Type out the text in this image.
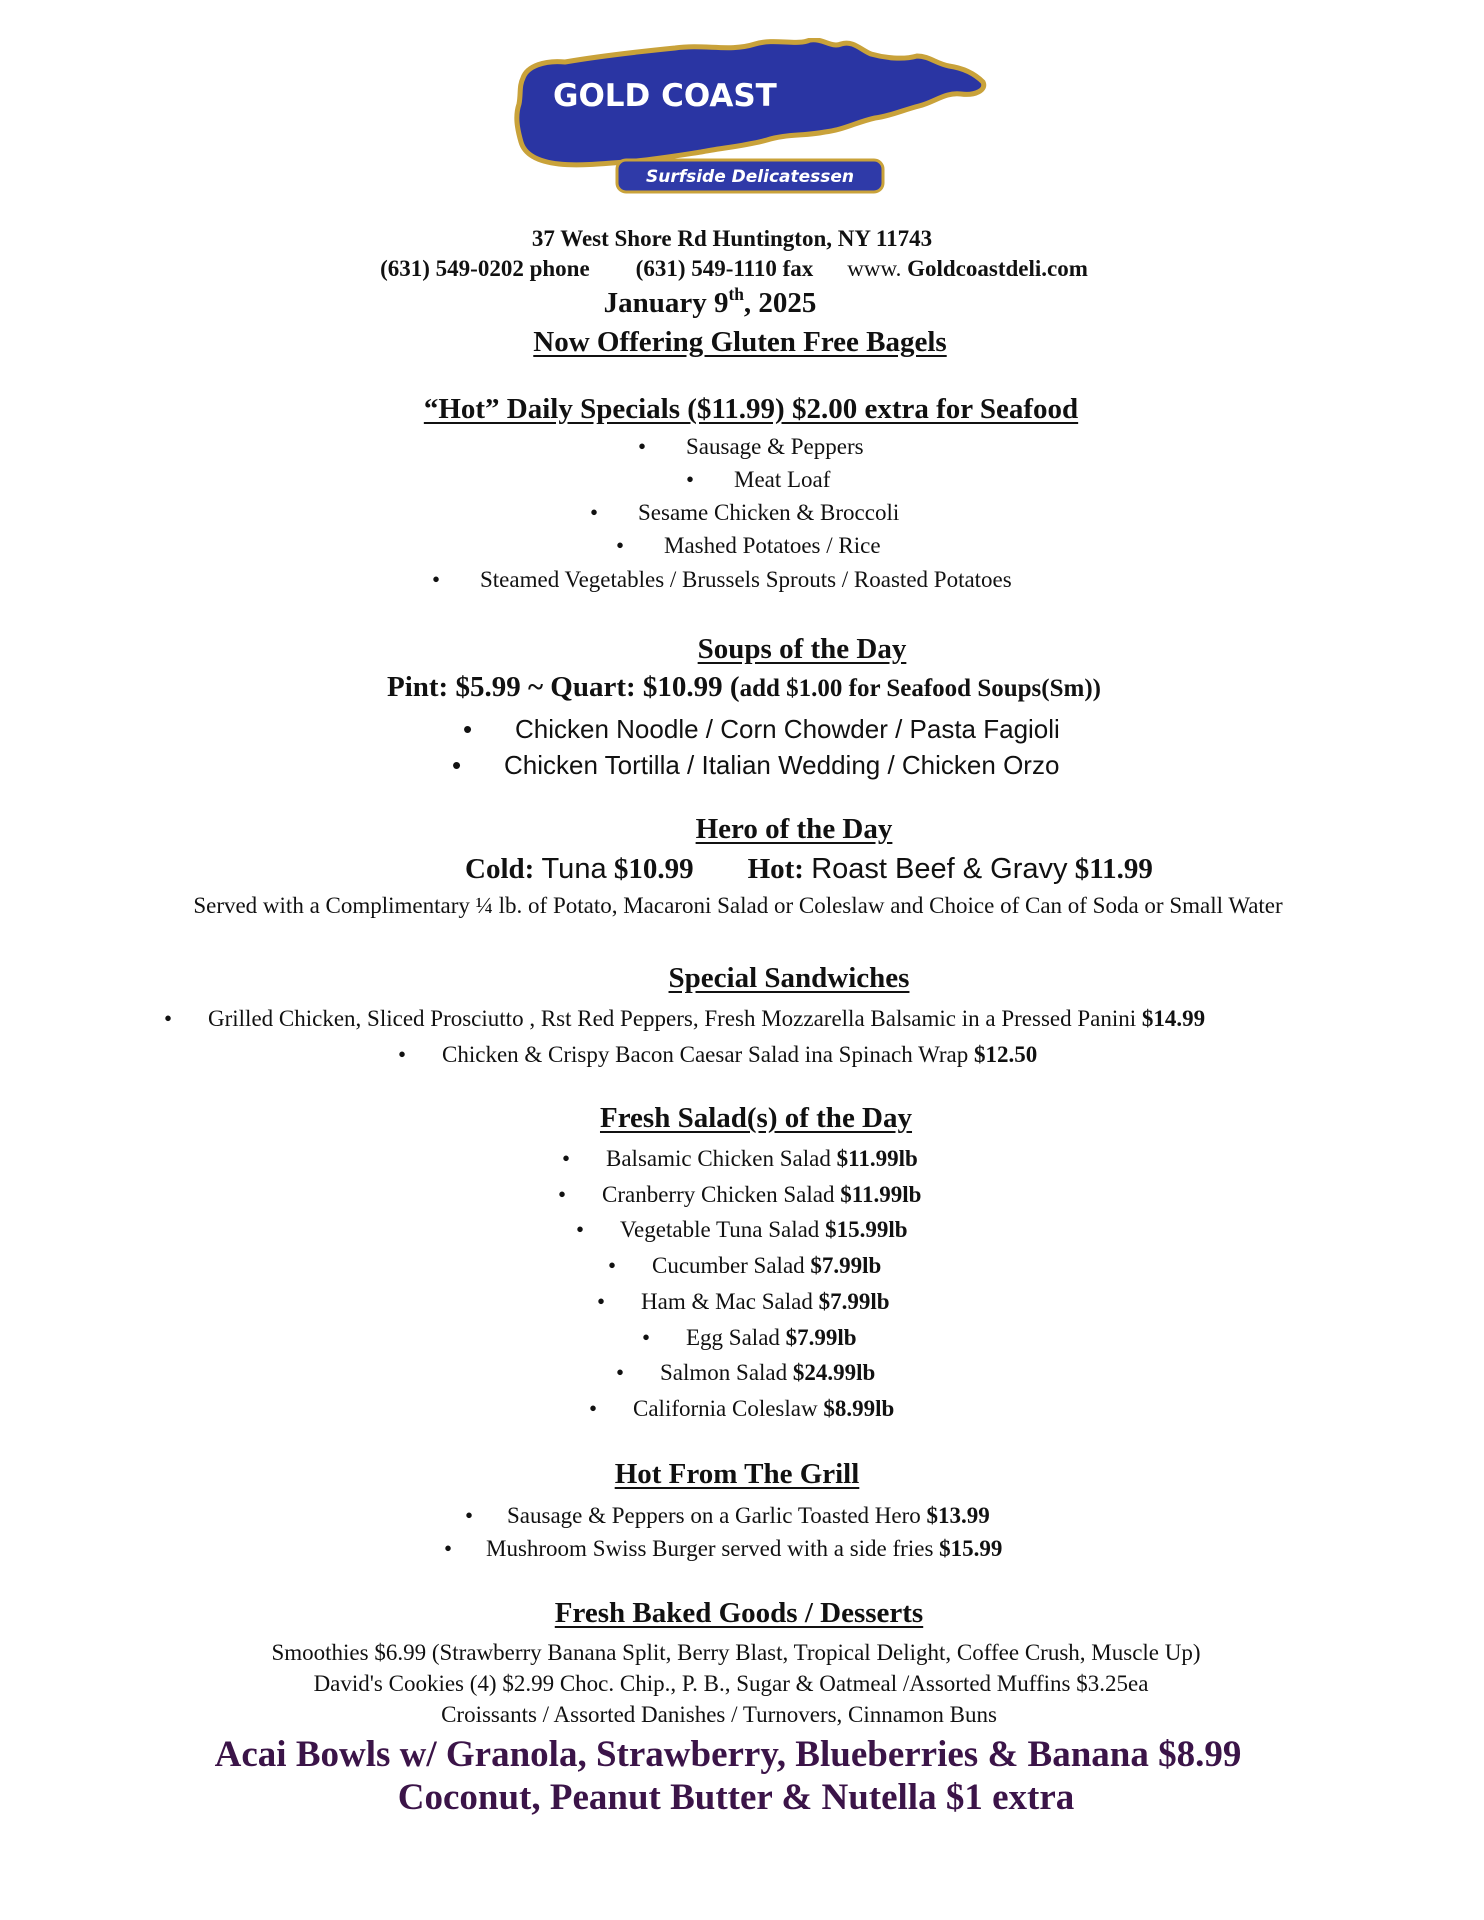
GOLD COAST
Surfside Delicatessen
37 West Shore Rd Huntington, NY 11743
(631) 549-0202 phone (631) 549-1110 fax www. Goldcoastdeli.com
January 9th, 2025
Now Offering Gluten Free Bagels
“Hot” Daily Specials ($11.99) $2.00 extra for Seafood
• Sausage & Peppers
• Meat Loaf
• Sesame Chicken & Broccoli
• Mashed Potatoes / Rice
• Steamed Vegetables / Brussels Sprouts / Roasted Potatoes
Soups of the Day
Pint: $5.99 ~ Quart: $10.99 (add $1.00 for Seafood Soups(Sm))
• Chicken Noodle / Corn Chowder / Pasta Fagioli
• Chicken Tortilla / Italian Wedding / Chicken Orzo
Hero of the Day
Cold: Tuna $10.99 Hot: Roast Beef & Gravy $11.99
Served with a Complimentary ¼ lb. of Potato, Macaroni Salad or Coleslaw and Choice of Can of Soda or Small Water
Special Sandwiches
• Grilled Chicken, Sliced Prosciutto , Rst Red Peppers, Fresh Mozzarella Balsamic in a Pressed Panini $14.99
• Chicken & Crispy Bacon Caesar Salad ina Spinach Wrap $12.50
Fresh Salad(s) of the Day
• Balsamic Chicken Salad $11.99lb
• Cranberry Chicken Salad $11.99lb
• Vegetable Tuna Salad $15.99lb
• Cucumber Salad $7.99lb
• Ham & Mac Salad $7.99lb
• Egg Salad $7.99lb
• Salmon Salad $24.99lb
• California Coleslaw $8.99lb
Hot From The Grill
• Sausage & Peppers on a Garlic Toasted Hero $13.99
• Mushroom Swiss Burger served with a side fries $15.99
Fresh Baked Goods / Desserts
Smoothies $6.99 (Strawberry Banana Split, Berry Blast, Tropical Delight, Coffee Crush, Muscle Up)
David's Cookies (4) $2.99 Choc. Chip., P. B., Sugar & Oatmeal /Assorted Muffins $3.25ea
Croissants / Assorted Danishes / Turnovers, Cinnamon Buns
Acai Bowls w/ Granola, Strawberry, Blueberries & Banana $8.99
Coconut, Peanut Butter & Nutella $1 extra
